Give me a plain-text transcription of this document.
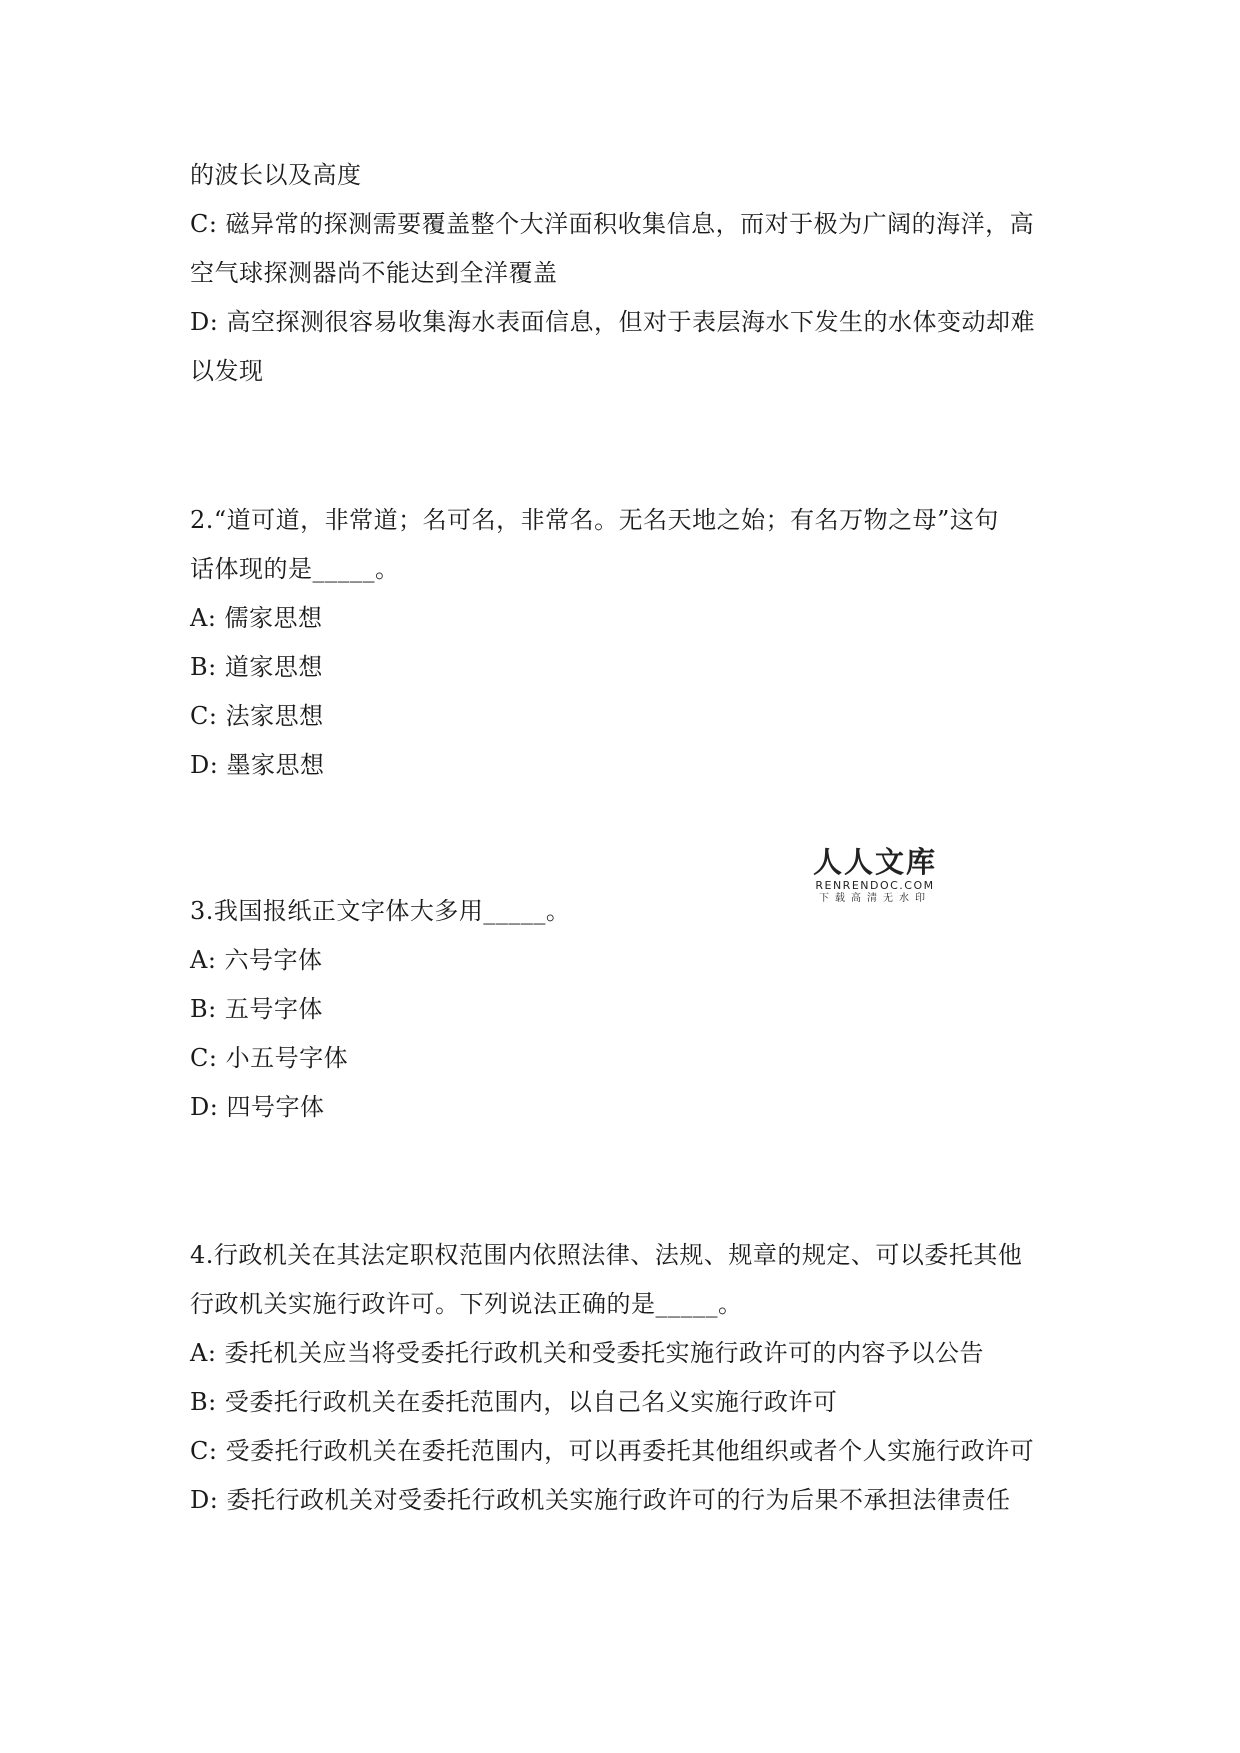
的波长以及高度
C: 磁异常的探测需要覆盖整个大洋面积收集信息，而对于极为广阔的海洋，高
空气球探测器尚不能达到全洋覆盖
D: 高空探测很容易收集海水表面信息，但对于表层海水下发生的水体变动却难
以发现
2.“道可道，非常道；名可名，非常名。无名天地之始；有名万物之母”这句
话体现的是_____。
A: 儒家思想
B: 道家思想
C: 法家思想
D: 墨家思想
人人文库
RENRENDOC.COM
下载高清无水印
3.我国报纸正文字体大多用_____。
A: 六号字体
B: 五号字体
C: 小五号字体
D: 四号字体
4.行政机关在其法定职权范围内依照法律、法规、规章的规定、可以委托其他
行政机关实施行政许可。下列说法正确的是_____。
A: 委托机关应当将受委托行政机关和受委托实施行政许可的内容予以公告
B: 受委托行政机关在委托范围内，以自己名义实施行政许可
C: 受委托行政机关在委托范围内，可以再委托其他组织或者个人实施行政许可
D: 委托行政机关对受委托行政机关实施行政许可的行为后果不承担法律责任
